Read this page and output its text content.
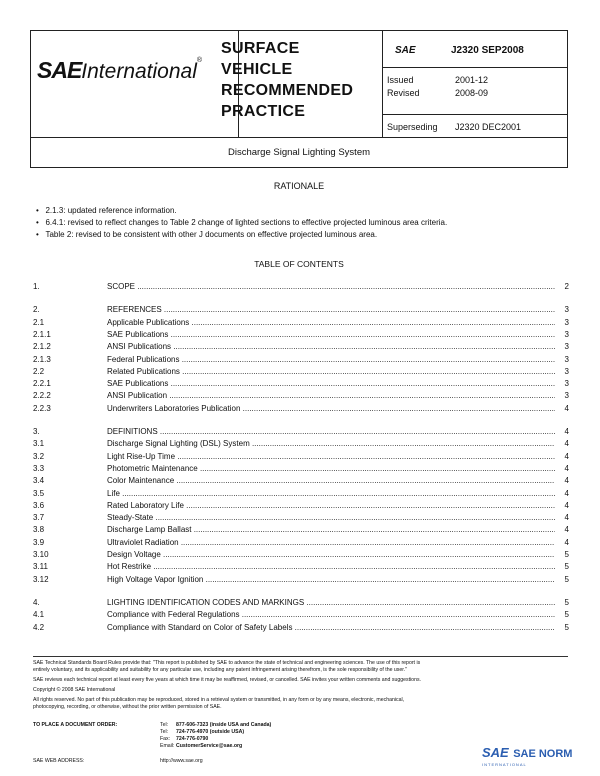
SAEInternational®
SURFACE
VEHICLE
RECOMMENDED
PRACTICE
SAE	J2320 SEP2008
Issued	2001-12
Revised	2008-09
Superseding J2320 DEC2001
Discharge Signal Lighting System
RATIONALE
•   2.1.3: updated reference information.
•   6.4.1: revised to reflect changes to Table 2 change of lighted sections to effective projected luminous area criteria.
•   Table 2: revised to be consistent with other J documents on effective projected luminous area.
TABLE OF CONTENTS
1.	SCOPE .....	2
2.	REFERENCES .....	3
2.1	Applicable Publications .....	3
2.1.1	SAE Publications .....	3
2.1.2	ANSI Publications .....	3
2.1.3	Federal Publications .....	3
2.2	Related Publications .....	3
2.2.1	SAE Publications .....	3
2.2.2	ANSI Publication .....	3
2.2.3	Underwriters Laboratories Publication .....	4
3.	DEFINITIONS .....	4
3.1	Discharge Signal Lighting (DSL) System .....	4
3.2	Light Rise-Up Time .....	4
3.3	Photometric Maintenance .....	4
3.4	Color Maintenance .....	4
3.5	Life .....	4
3.6	Rated Laboratory Life .....	4
3.7	Steady-State .....	4
3.8	Discharge Lamp Ballast .....	4
3.9	Ultraviolet Radiation .....	4
3.10	Design Voltage .....	5
3.11	Hot Restrike .....	5
3.12	High Voltage Vapor Ignition .....	5
4.	LIGHTING IDENTIFICATION CODES AND MARKINGS .....	5
4.1	Compliance with Federal Regulations .....	5
4.2	Compliance with Standard on Color of Safety Labels .....	5
SAE Technical Standards Board Rules provide that: "This report is published by SAE to advance the state of technical and engineering sciences. The use of this report is
entirely voluntary, and its applicability and suitability for any particular use, including any patent infringement arising therefrom, is the sole responsibility of the user."
SAE reviews each technical report at least every five years at which time it may be reaffirmed, revised, or cancelled. SAE invites your written comments and suggestions.
Copyright © 2008 SAE International
All rights reserved. No part of this publication may be reproduced, stored in a retrieval system or transmitted, in any form or by any means, electronic, mechanical,
photocopying, recording, or otherwise, without the prior written permission of SAE.
TO PLACE A DOCUMENT ORDER:	Tel: 877-606-7323 (inside USA and Canada)
Tel: 724-776-4970 (outside USA)
Fax: 724-776-0790
Email: CustomerService@sae.org
SAE WEB ADDRESS:	http://www.sae.org
SAE SAE NORM
INTERNATIONAL
